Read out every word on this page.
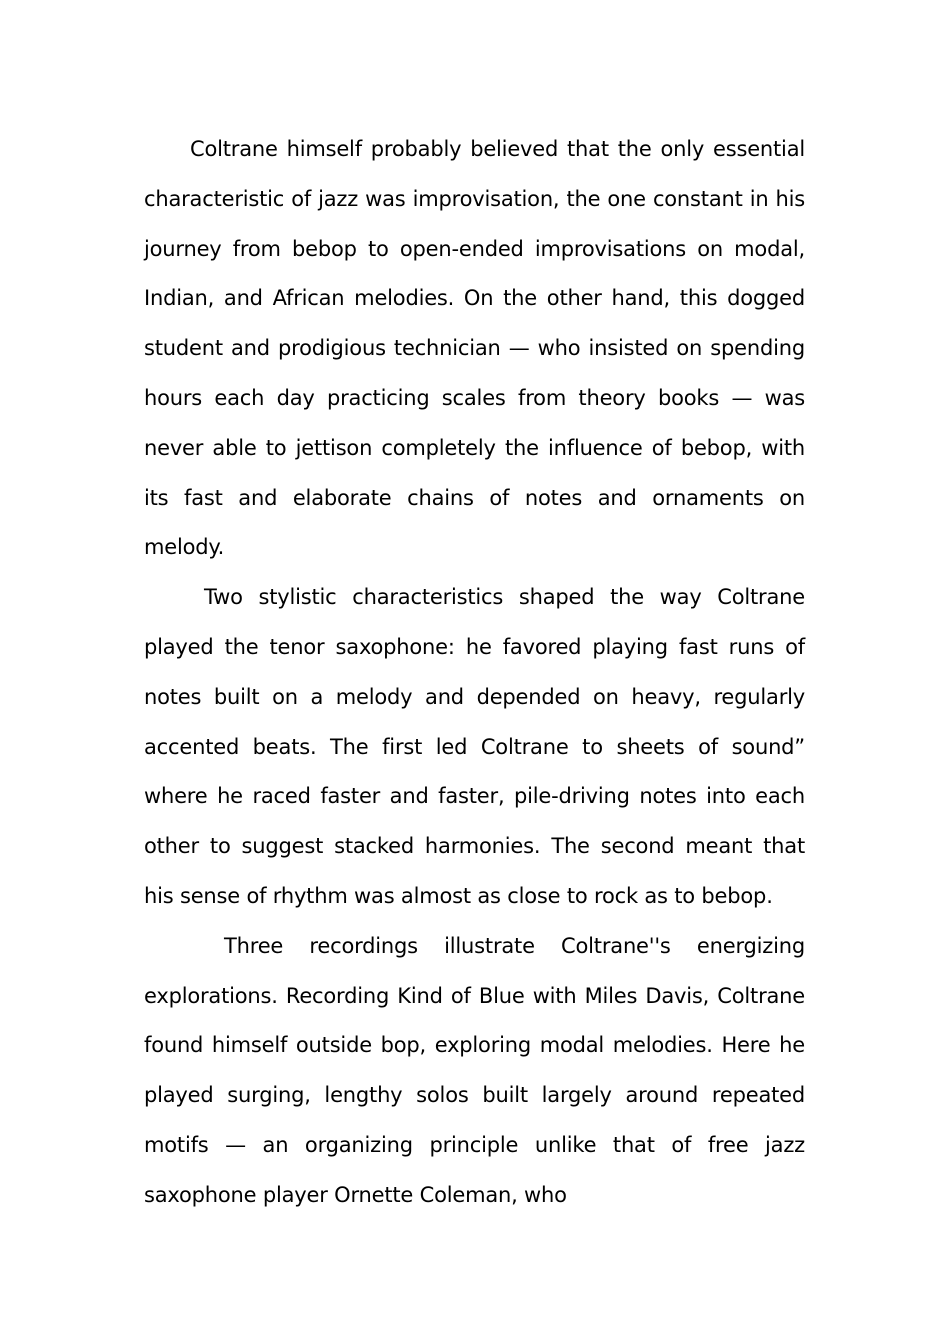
Coltrane himself probably believed that the only essential characteristic of jazz was improvisation, the one constant in his journey from bebop to open-ended improvisations on modal, Indian, and African melodies. On the other hand, this dogged student and prodigious technician — who insisted on spending hours each day practicing scales from theory books — was never able to jettison completely the influence of bebop, with its fast and elaborate chains of notes and ornaments on melody.

Two stylistic characteristics shaped the way Coltrane played the tenor saxophone: he favored playing fast runs of notes built on a melody and depended on heavy, regularly accented beats. The first led Coltrane to sheets of sound” where he raced faster and faster, pile-driving notes into each other to suggest stacked harmonies. The second meant that his sense of rhythm was almost as close to rock as to bebop.

Three recordings illustrate Coltrane''s energizing explorations. Recording Kind of Blue with Miles Davis, Coltrane found himself outside bop, exploring modal melodies. Here he played surging, lengthy solos built largely around repeated motifs — an organizing principle unlike that of free jazz saxophone player Ornette Coleman, who
